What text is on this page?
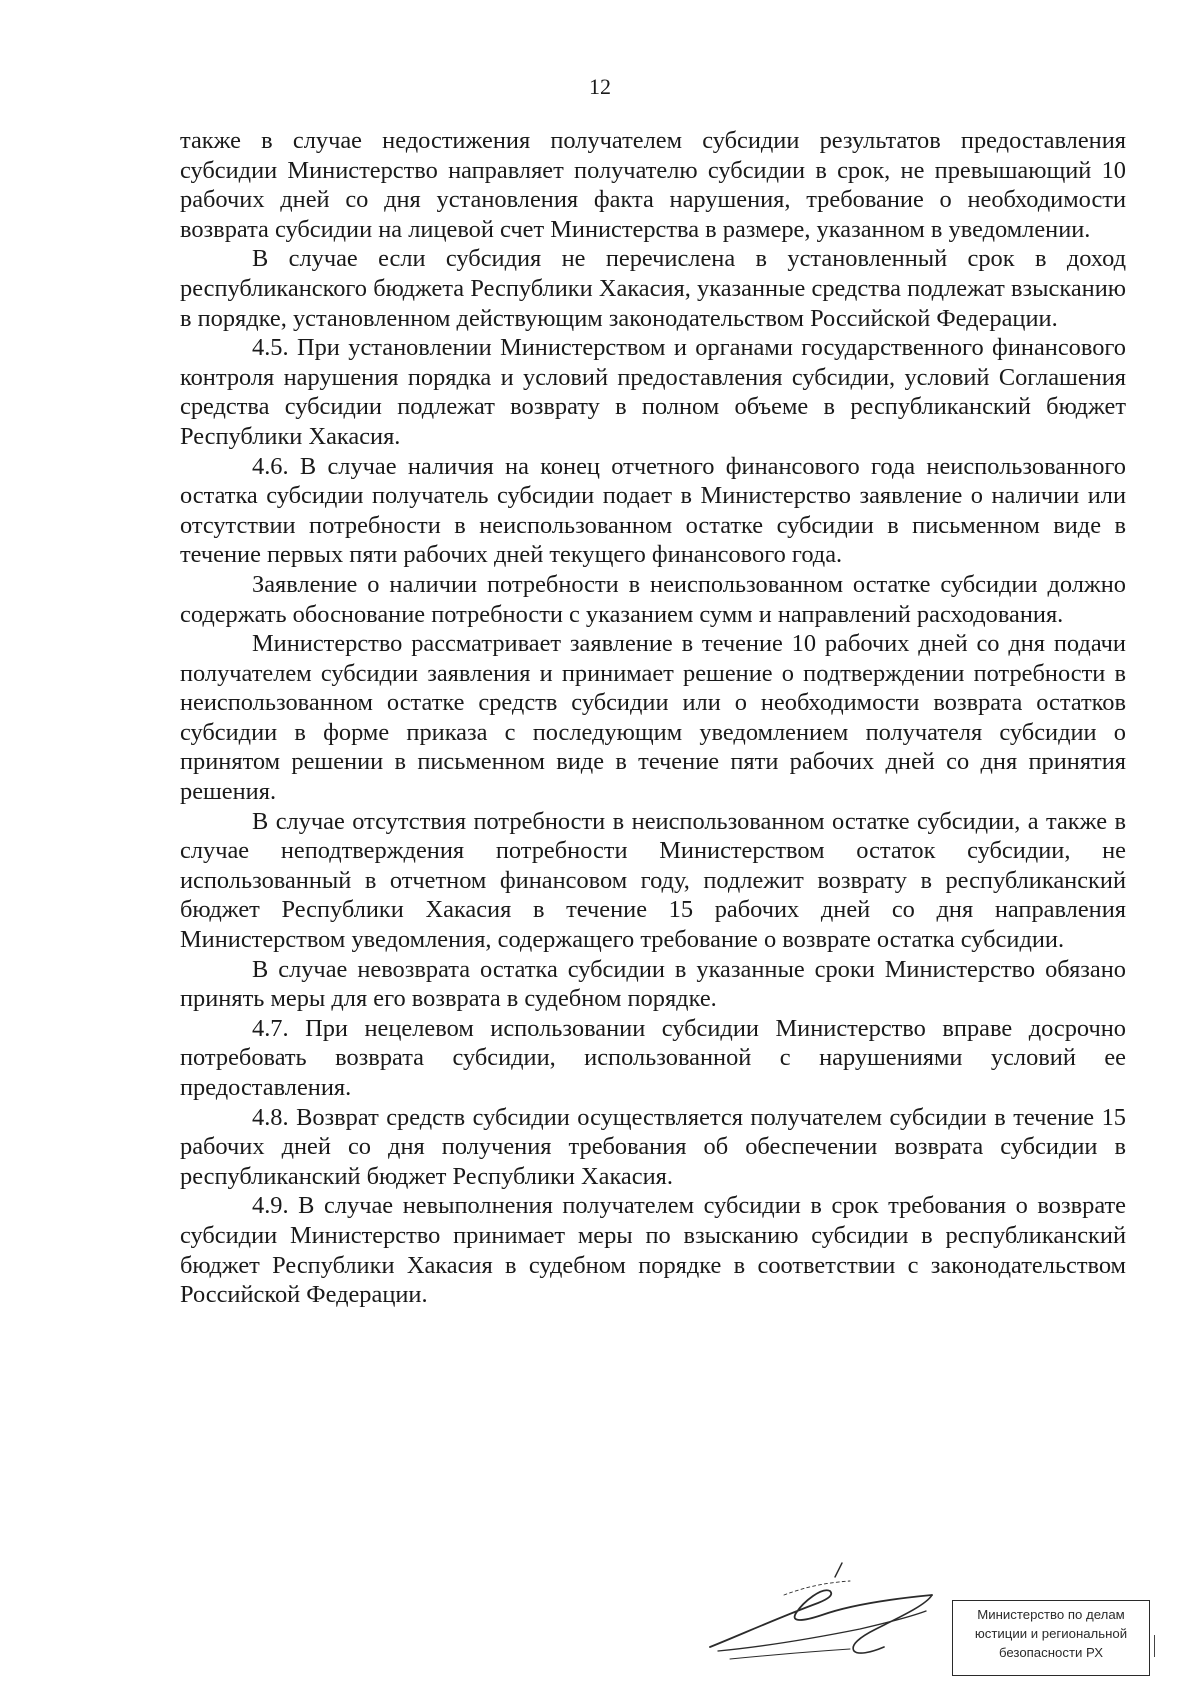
12

также в случае недостижения получателем субсидии результатов предоставления субсидии Министерство направляет получателю субсидии в срок, не превышающий 10 рабочих дней со дня установления факта нарушения, требование о необходимости возврата субсидии на лицевой счет Министерства в размере, указанном в уведомлении.

В случае если субсидия не перечислена в установленный срок в доход республиканского бюджета Республики Хакасия, указанные средства подлежат взысканию в порядке, установленном действующим законодательством Российской Федерации.

4.5. При установлении Министерством и органами государственного финансового контроля нарушения порядка и условий предоставления субсидии, условий Соглашения средства субсидии подлежат возврату в полном объеме в республиканский бюджет Республики Хакасия.

4.6. В случае наличия на конец отчетного финансового года неиспользованного остатка субсидии получатель субсидии подает в Министерство заявление о наличии или отсутствии потребности в неиспользованном остатке субсидии в письменном виде в течение первых пяти рабочих дней текущего финансового года.

Заявление о наличии потребности в неиспользованном остатке субсидии должно содержать обоснование потребности с указанием сумм и направлений расходования.

Министерство рассматривает заявление в течение 10 рабочих дней со дня подачи получателем субсидии заявления и принимает решение о подтверждении потребности в неиспользованном остатке средств субсидии или о необходимости возврата остатков субсидии в форме приказа с последующим уведомлением получателя субсидии о принятом решении в письменном виде в течение пяти рабочих дней со дня принятия решения.

В случае отсутствия потребности в неиспользованном остатке субсидии, а также в случае неподтверждения потребности Министерством остаток субсидии, не использованный в отчетном финансовом году, подлежит возврату в республиканский бюджет Республики Хакасия в течение 15 рабочих дней со дня направления Министерством уведомления, содержащего требование о возврате остатка субсидии.

В случае невозврата остатка субсидии в указанные сроки Министерство обязано принять меры для его возврата в судебном порядке.

4.7. При нецелевом использовании субсидии Министерство вправе досрочно потребовать возврата субсидии, использованной с нарушениями условий ее предоставления.

4.8. Возврат средств субсидии осуществляется получателем субсидии в течение 15 рабочих дней со дня получения требования об обеспечении возврата субсидии в республиканский бюджет Республики Хакасия.

4.9. В случае невыполнения получателем субсидии в срок требования о возврате субсидии Министерство принимает меры по взысканию субсидии в республиканский бюджет Республики Хакасия в судебном порядке в соответствии с законодательством Российской Федерации.

Министерство по делам
юстиции и региональной
безопасности РХ
